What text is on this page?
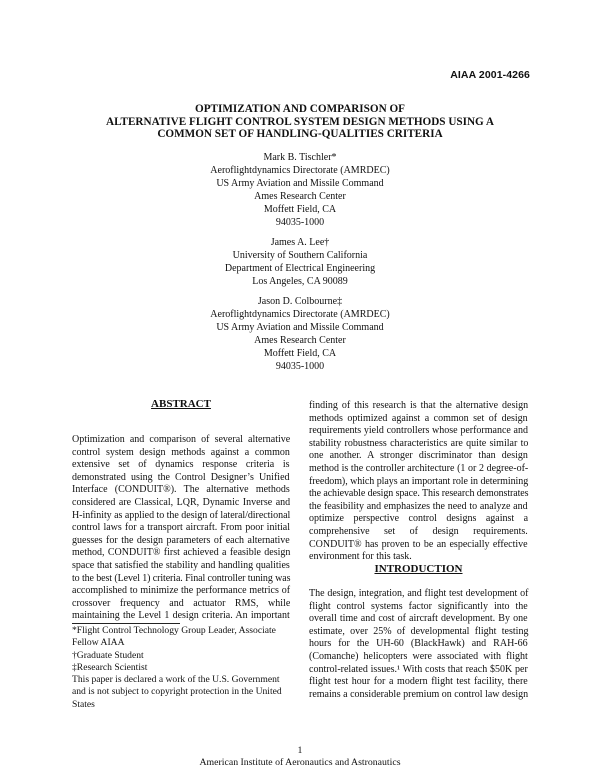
AIAA 2001-4266
OPTIMIZATION AND COMPARISON OF
ALTERNATIVE FLIGHT CONTROL SYSTEM DESIGN METHODS USING A
COMMON SET OF HANDLING-QUALITIES CRITERIA
Mark B. Tischler*
Aeroflightdynamics Directorate (AMRDEC)
US Army Aviation and Missile Command
Ames Research Center
Moffett Field, CA
94035-1000
James A. Lee†
University of Southern California
Department of Electrical Engineering
Los Angeles, CA 90089
Jason D. Colbourne‡
Aeroflightdynamics Directorate (AMRDEC)
US Army Aviation and Missile Command
Ames Research Center
Moffett Field, CA
94035-1000
ABSTRACT
Optimization and comparison of several alternative
control system design methods against a common
extensive set of dynamics response criteria is
demonstrated using the Control Designer’s Unified
Interface (CONDUIT®). The alternative methods
considered are Classical, LQR, Dynamic Inverse and
H-infinity as applied to the design of lateral/directional
control laws for a transport aircraft. From poor initial
guesses for the design parameters of each alternative
method, CONDUIT® first achieved a feasible design
space that satisfied the stability and handling qualities
to the best (Level 1) criteria. Final controller tuning was
accomplished to minimize the performance metrics of
crossover frequency and actuator RMS, while
maintaining the Level 1 design criteria. An important
*Flight Control Technology Group Leader, Associate
Fellow AIAA
†Graduate Student
‡Research Scientist
This paper is declared a work of the U.S. Government
and is not subject to copyright protection in the United
States
finding of this research is that the alternative design
methods optimized against a common set of design
requirements yield controllers whose performance and
stability robustness characteristics are quite similar to
one another. A stronger discriminator than design
method is the controller architecture (1 or 2 degree-of-
freedom), which plays an important role in determining
the achievable design space. This research demonstrates
the feasibility and emphasizes the need to analyze and
optimize perspective control designs against a
comprehensive set of design requirements.
CONDUIT® has proven to be an especially effective
environment for this task.
INTRODUCTION
The design, integration, and flight test development of
flight control systems factor significantly into the
overall time and cost of aircraft development. By one
estimate, over 25% of developmental flight testing
hours for the UH-60 (BlackHawk) and RAH-66
(Comanche) helicopters were associated with flight
control-related issues.¹ With costs that reach $50K per
flight test hour for a modern flight test facility, there
remains a considerable premium on control law design
1
American Institute of Aeronautics and Astronautics
